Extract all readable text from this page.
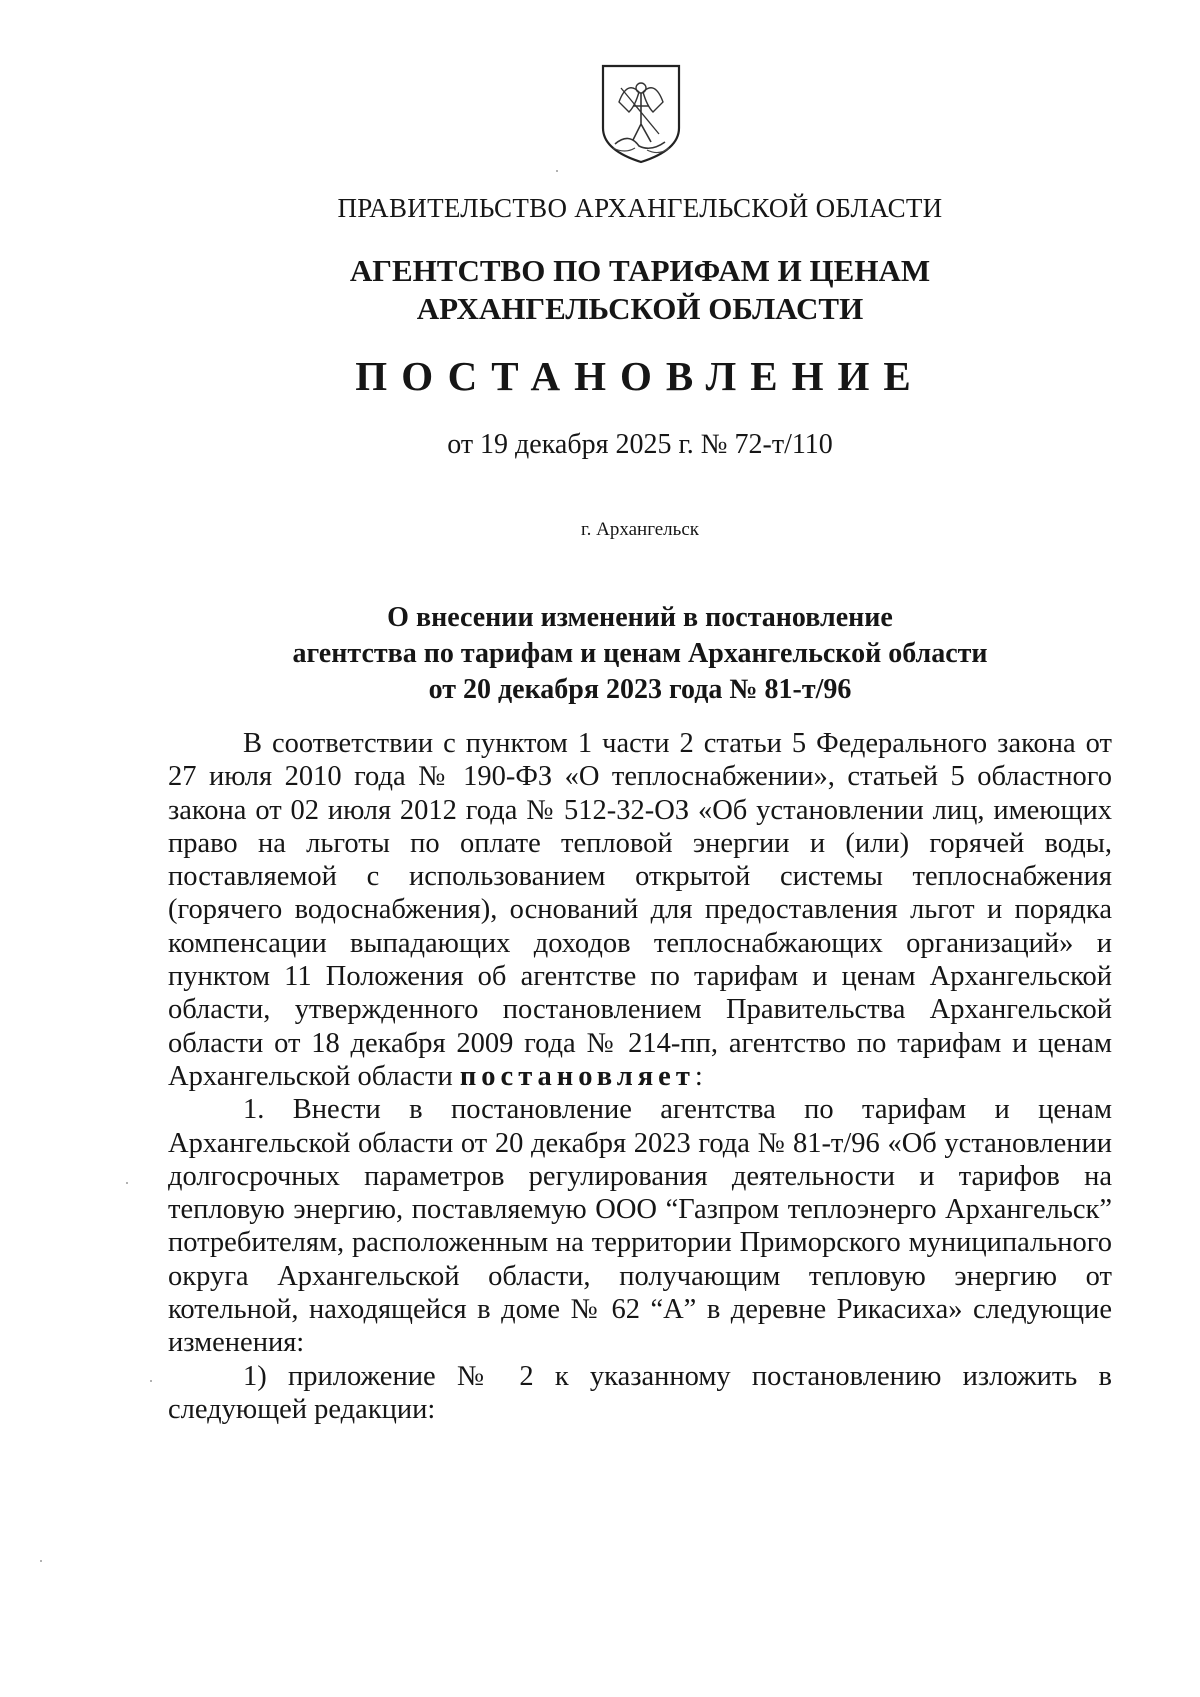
ПРАВИТЕЛЬСТВО АРХАНГЕЛЬСКОЙ ОБЛАСТИ
АГЕНТСТВО ПО ТАРИФАМ И ЦЕНАМ
АРХАНГЕЛЬСКОЙ ОБЛАСТИ
ПОСТАНОВЛЕНИЕ
от 19 декабря 2025 г. № 72-т/110
г. Архангельск
О внесении изменений в постановление
агентства по тарифам и ценам Архангельской области
от 20 декабря 2023 года № 81-т/96

В соответствии с пунктом 1 части 2 статьи 5 Федерального закона от 27 июля 2010 года № 190-ФЗ «О теплоснабжении», статьей 5 областного закона от 02 июля 2012 года № 512-32-ОЗ «Об установлении лиц, имеющих право на льготы по оплате тепловой энергии и (или) горячей воды, поставляемой с использованием открытой системы теплоснабжения (горячего водоснабжения), оснований для предоставления льгот и порядка компенсации выпадающих доходов теплоснабжающих организаций» и пунктом 11 Положения об агентстве по тарифам и ценам Архангельской области, утвержденного постановлением Правительства Архангельской области от 18 декабря 2009 года № 214-пп, агентство по тарифам и ценам Архангельской области постановляет:

1. Внести в постановление агентства по тарифам и ценам Архангельской области от 20 декабря 2023 года № 81-т/96 «Об установлении долгосрочных параметров регулирования деятельности и тарифов на тепловую энергию, поставляемую ООО “Газпром теплоэнерго Архангельск” потребителям, расположенным на территории Приморского муниципального округа Архангельской области, получающим тепловую энергию от котельной, находящейся в доме № 62 “А” в деревне Рикасиха» следующие изменения:

1) приложение № 2 к указанному постановлению изложить в следующей редакции:
